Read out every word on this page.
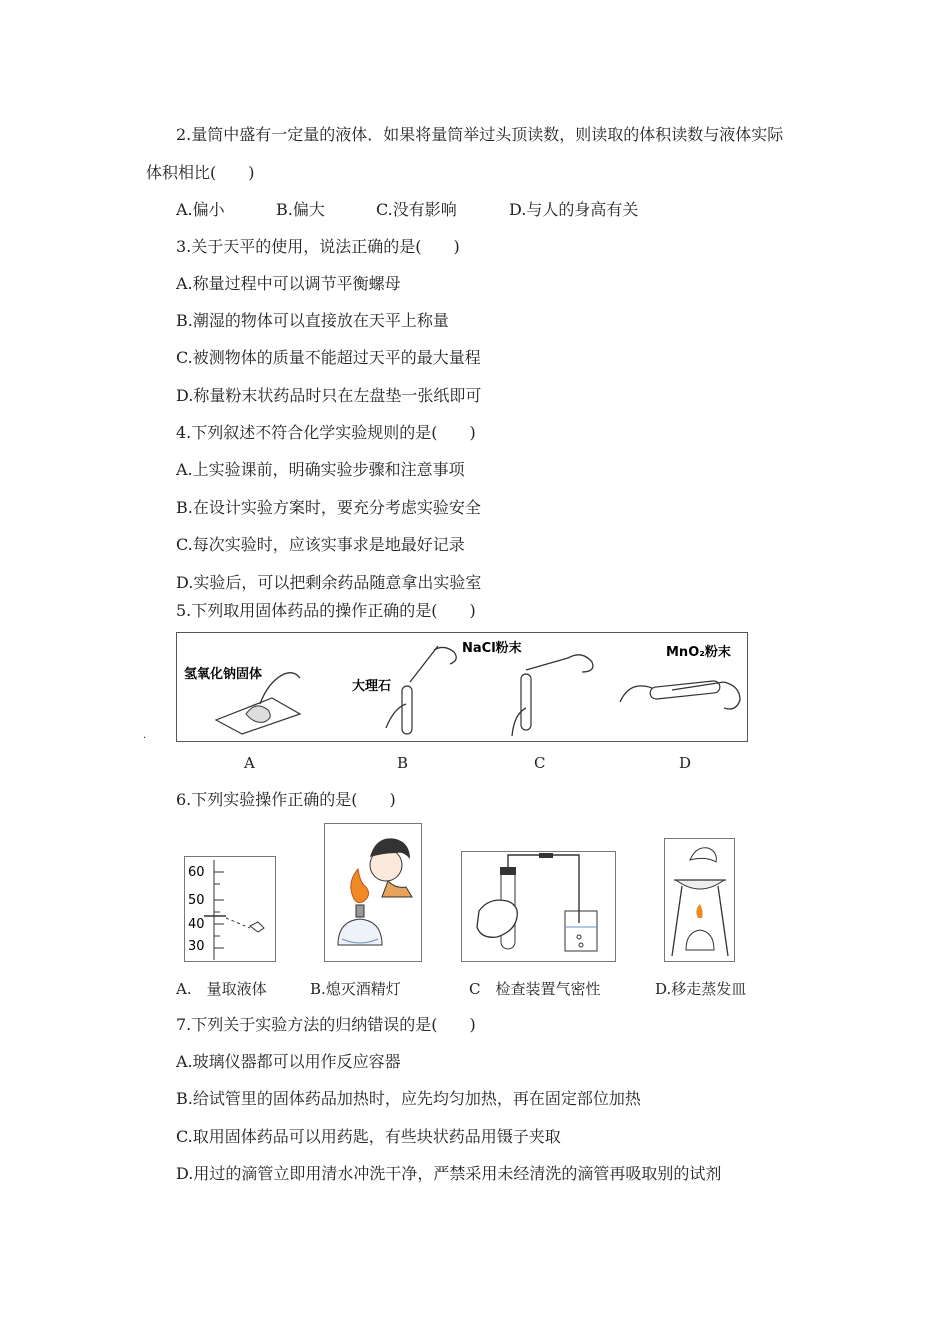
2.量筒中盛有一定量的液体．如果将量筒举过头顶读数，则读取的体积读数与液体实际
体积相比(　　)
A.偏小	B.偏大	C.没有影响	D.与人的身高有关
3.关于天平的使用，说法正确的是(　　)
A.称量过程中可以调节平衡螺母
B.潮湿的物体可以直接放在天平上称量
C.被测物体的质量不能超过天平的最大量程
D.称量粉末状药品时只在左盘垫一张纸即可
4.下列叙述不符合化学实验规则的是(　　)
A.上实验课前，明确实验步骤和注意事项
B.在设计实验方案时，要充分考虑实验安全
C.每次实验时，应该实事求是地最好记录
D.实验后，可以把剩余药品随意拿出实验室
5.下列取用固体药品的操作正确的是(　　)
氢氧化钠固体
大理石
NaCl粉末	MnO₂粉末
.
A	B	C	D
6.下列实验操作正确的是(　　)
60
50
40
30
A.　量取液体	B.熄灭酒精灯	C　检查装置气密性	D.移走蒸发皿
7.下列关于实验方法的归纳错误的是(　　)
A.玻璃仪器都可以用作反应容器
B.给试管里的固体药品加热时，应先均匀加热，再在固定部位加热
C.取用固体药品可以用药匙，有些块状药品用镊子夹取
D.用过的滴管立即用清水冲洗干净，严禁采用未经清洗的滴管再吸取别的试剂
